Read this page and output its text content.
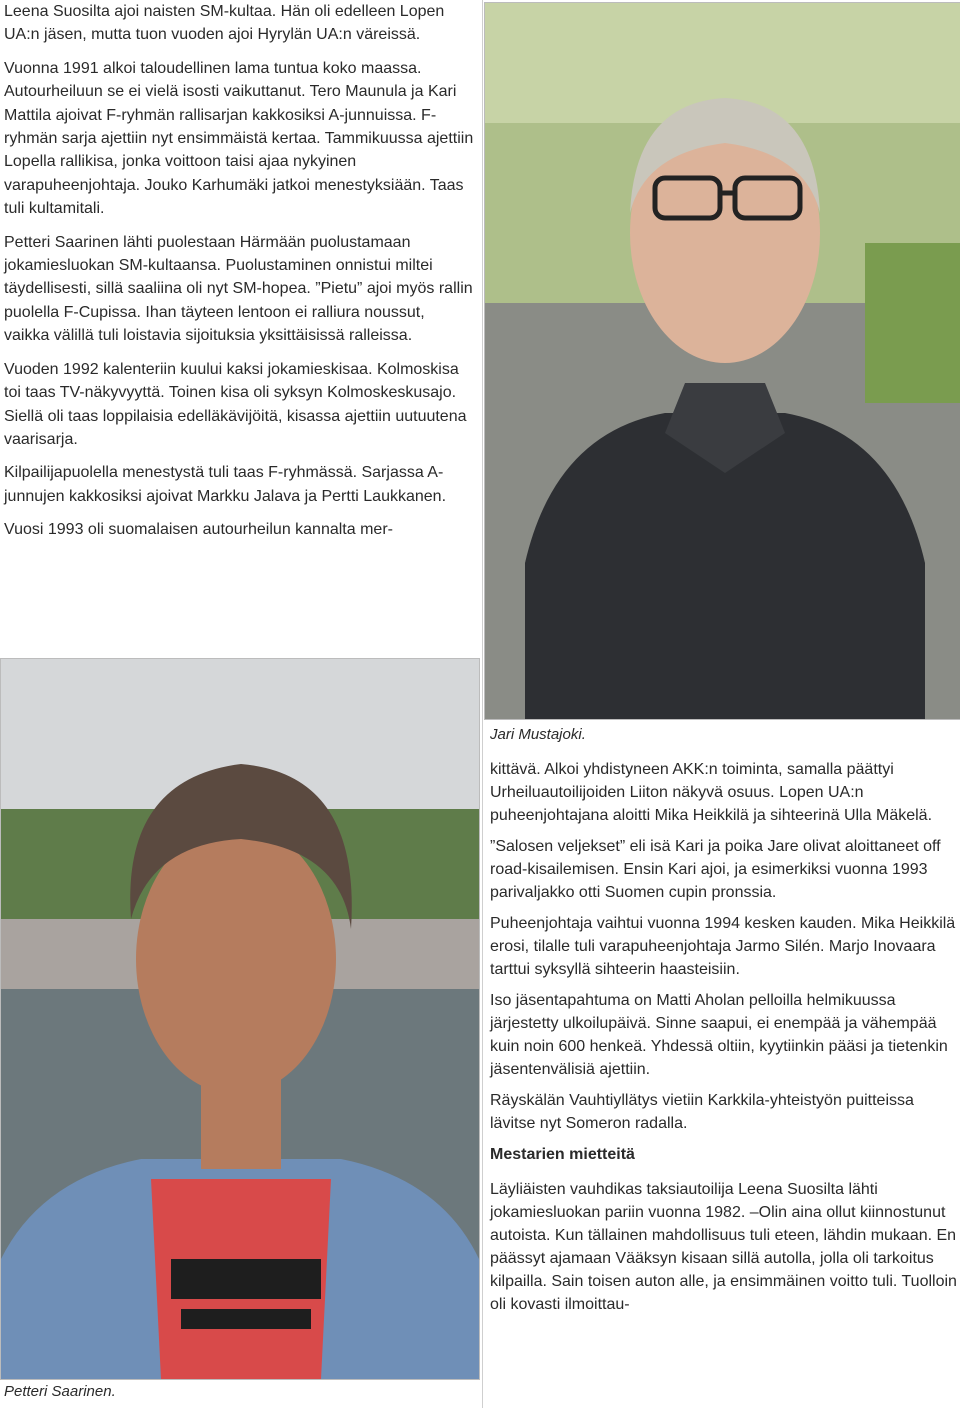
Leena Suosilta ajoi naisten SM-kultaa. Hän oli edelleen Lopen UA:n jäsen, mutta tuon vuoden ajoi Hyrylän UA:n väreissä.

Vuonna 1991 alkoi taloudellinen lama tuntua koko maassa. Autourheiluun se ei vielä isosti vaikuttanut. Tero Maunula ja Kari Mattila ajoivat F-ryhmän rallisarjan kakkosiksi A-junnuissa. F-ryhmän sarja ajettiin nyt ensimmäistä kertaa. Tammikuussa ajettiin Lopella rallikisa, jonka voittoon taisi ajaa nykyinen varapuheenjohtaja. Jouko Karhumäki jatkoi menestyksiään. Taas tuli kultamitali.

Petteri Saarinen lähti puolestaan Härmään puolustamaan jokamiesluokan SM-kultaansa. Puolustaminen onnistui miltei täydellisesti, sillä saaliina oli nyt SM-hopea. ”Pietu” ajoi myös rallin puolella F-Cupissa. Ihan täyteen lentoon ei ralliura noussut, vaikka välillä tuli loistavia sijoituksia yksittäisissä ralleissa.

Vuoden 1992 kalenteriin kuului kaksi jokamieskisaa. Kolmoskisa toi taas TV-näkyvyyttä. Toinen kisa oli syksyn Kolmoskeskusajo. Siellä oli taas loppilaisia edelläkävijöitä, kisassa ajettiin uutuutena vaarisarja.

Kilpailijapuolella menestystä tuli taas F-ryhmässä. Sarjassa A-junnujen kakkosiksi ajoivat Markku Jalava ja Pertti Laukkanen.

Vuosi 1993 oli suomalaisen autourheilun kannalta mer-

Jari Mustajoki.

kittävä. Alkoi yhdistyneen AKK:n toiminta, samalla päättyi Urheiluautoilijoiden Liiton näkyvä osuus. Lopen UA:n puheenjohtajana aloitti Mika Heikkilä ja sihteerinä Ulla Mäkelä.

”Salosen veljekset” eli isä Kari ja poika Jare olivat aloittaneet off road-kisailemisen. Ensin Kari ajoi, ja esimerkiksi vuonna 1993 parivaljakko otti Suomen cupin pronssia.

Puheenjohtaja vaihtui vuonna 1994 kesken kauden. Mika Heikkilä erosi, tilalle tuli varapuheenjohtaja Jarmo Silén. Marjo Inovaara tarttui syksyllä sihteerin haasteisiin.

Iso jäsentapahtuma on Matti Aholan pelloilla helmikuussa järjestetty ulkoilupäivä. Sinne saapui, ei enempää ja vähempää kuin noin 600 henkeä. Yhdessä oltiin, kyytiinkin pääsi ja tietenkin jäsentenvälisiä ajettiin.

Räyskälän Vauhtiyllätys vietiin Karkkila-yhteistyön puitteissa lävitse nyt Someron radalla.

Mestarien mietteitä

Läyliäisten vauhdikas taksiautoilija Leena Suosilta lähti jokamiesluokan pariin vuonna 1982. –Olin aina ollut kiinnostunut autoista. Kun tällainen mahdollisuus tuli eteen, lähdin mukaan. En päässyt ajamaan Vääksyn kisaan sillä autolla, jolla oli tarkoitus kilpailla. Sain toisen auton alle, ja ensimmäinen voitto tuli. Tuolloin oli kovasti ilmoittau-

Petteri Saarinen.
